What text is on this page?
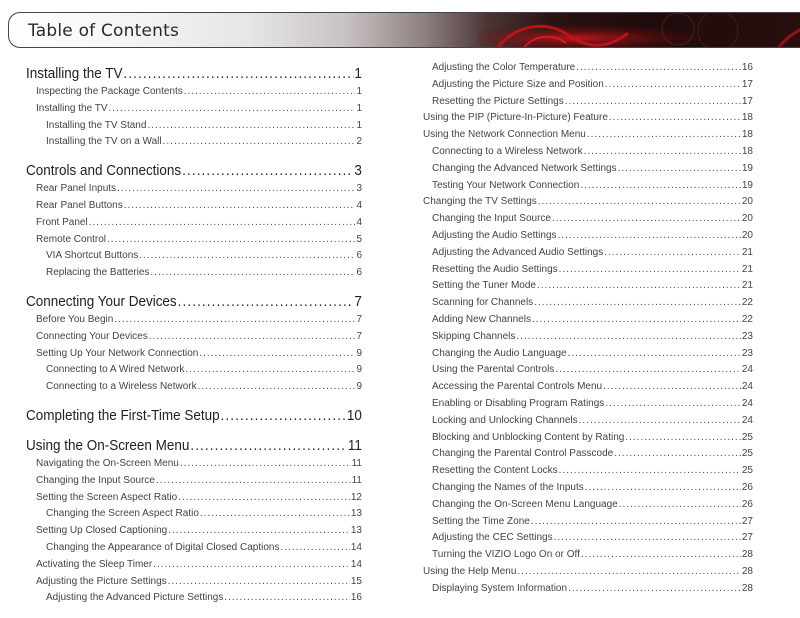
Table of Contents
Installing the TV .....	1
Inspecting the Package Contents .....	1
Installing the TV .....	1
Installing the TV Stand .....	1
Installing the TV on a Wall .....	2
Controls and Connections .....	3
Rear Panel Inputs .....	3
Rear Panel Buttons .....	4
Front Panel .....	4
Remote Control .....	5
VIA Shortcut Buttons .....	6
Replacing the Batteries .....	6
Connecting Your Devices .....	7
Before You Begin .....	7
Connecting Your Devices .....	7
Setting Up Your Network Connection .....	9
Connecting to A Wired Network .....	9
Connecting to a Wireless Network .....	9
Completing the First-Time Setup .....	10
Using the On-Screen Menu .....	11
Navigating the On-Screen Menu .....	11
Changing the Input Source .....	11
Setting the Screen Aspect Ratio .....	12
Changing the Screen Aspect Ratio .....	13
Setting Up Closed Captioning .....	13
Changing the Appearance of Digital Closed Captions .....	14
Activating the Sleep Timer .....	14
Adjusting the Picture Settings .....	15
Adjusting the Advanced Picture Settings .....	16
Adjusting the Color Temperature .....	16
Adjusting the Picture Size and Position .....	17
Resetting the Picture Settings .....	17
Using the PIP (Picture-In-Picture) Feature .....	18
Using the Network Connection Menu .....	18
Connecting to a Wireless Network .....	18
Changing the Advanced Network Settings .....	19
Testing Your Network Connection .....	19
Changing the TV Settings .....	20
Changing the Input Source .....	20
Adjusting the Audio Settings .....	20
Adjusting the Advanced Audio Settings .....	21
Resetting the Audio Settings .....	21
Setting the Tuner Mode .....	21
Scanning for Channels .....	22
Adding New Channels .....	22
Skipping Channels .....	23
Changing the Audio Language .....	23
Using the Parental Controls .....	24
Accessing the Parental Controls Menu .....	24
Enabling or Disabling Program Ratings .....	24
Locking and Unlocking Channels .....	24
Blocking and Unblocking Content by Rating .....	25
Changing the Parental Control Passcode .....	25
Resetting the Content Locks .....	25
Changing the Names of the Inputs .....	26
Changing the On-Screen Menu Language .....	26
Setting the Time Zone .....	27
Adjusting the CEC Settings .....	27
Turning the VIZIO Logo On or Off .....	28
Using the Help Menu .....	28
Displaying System Information .....	28
